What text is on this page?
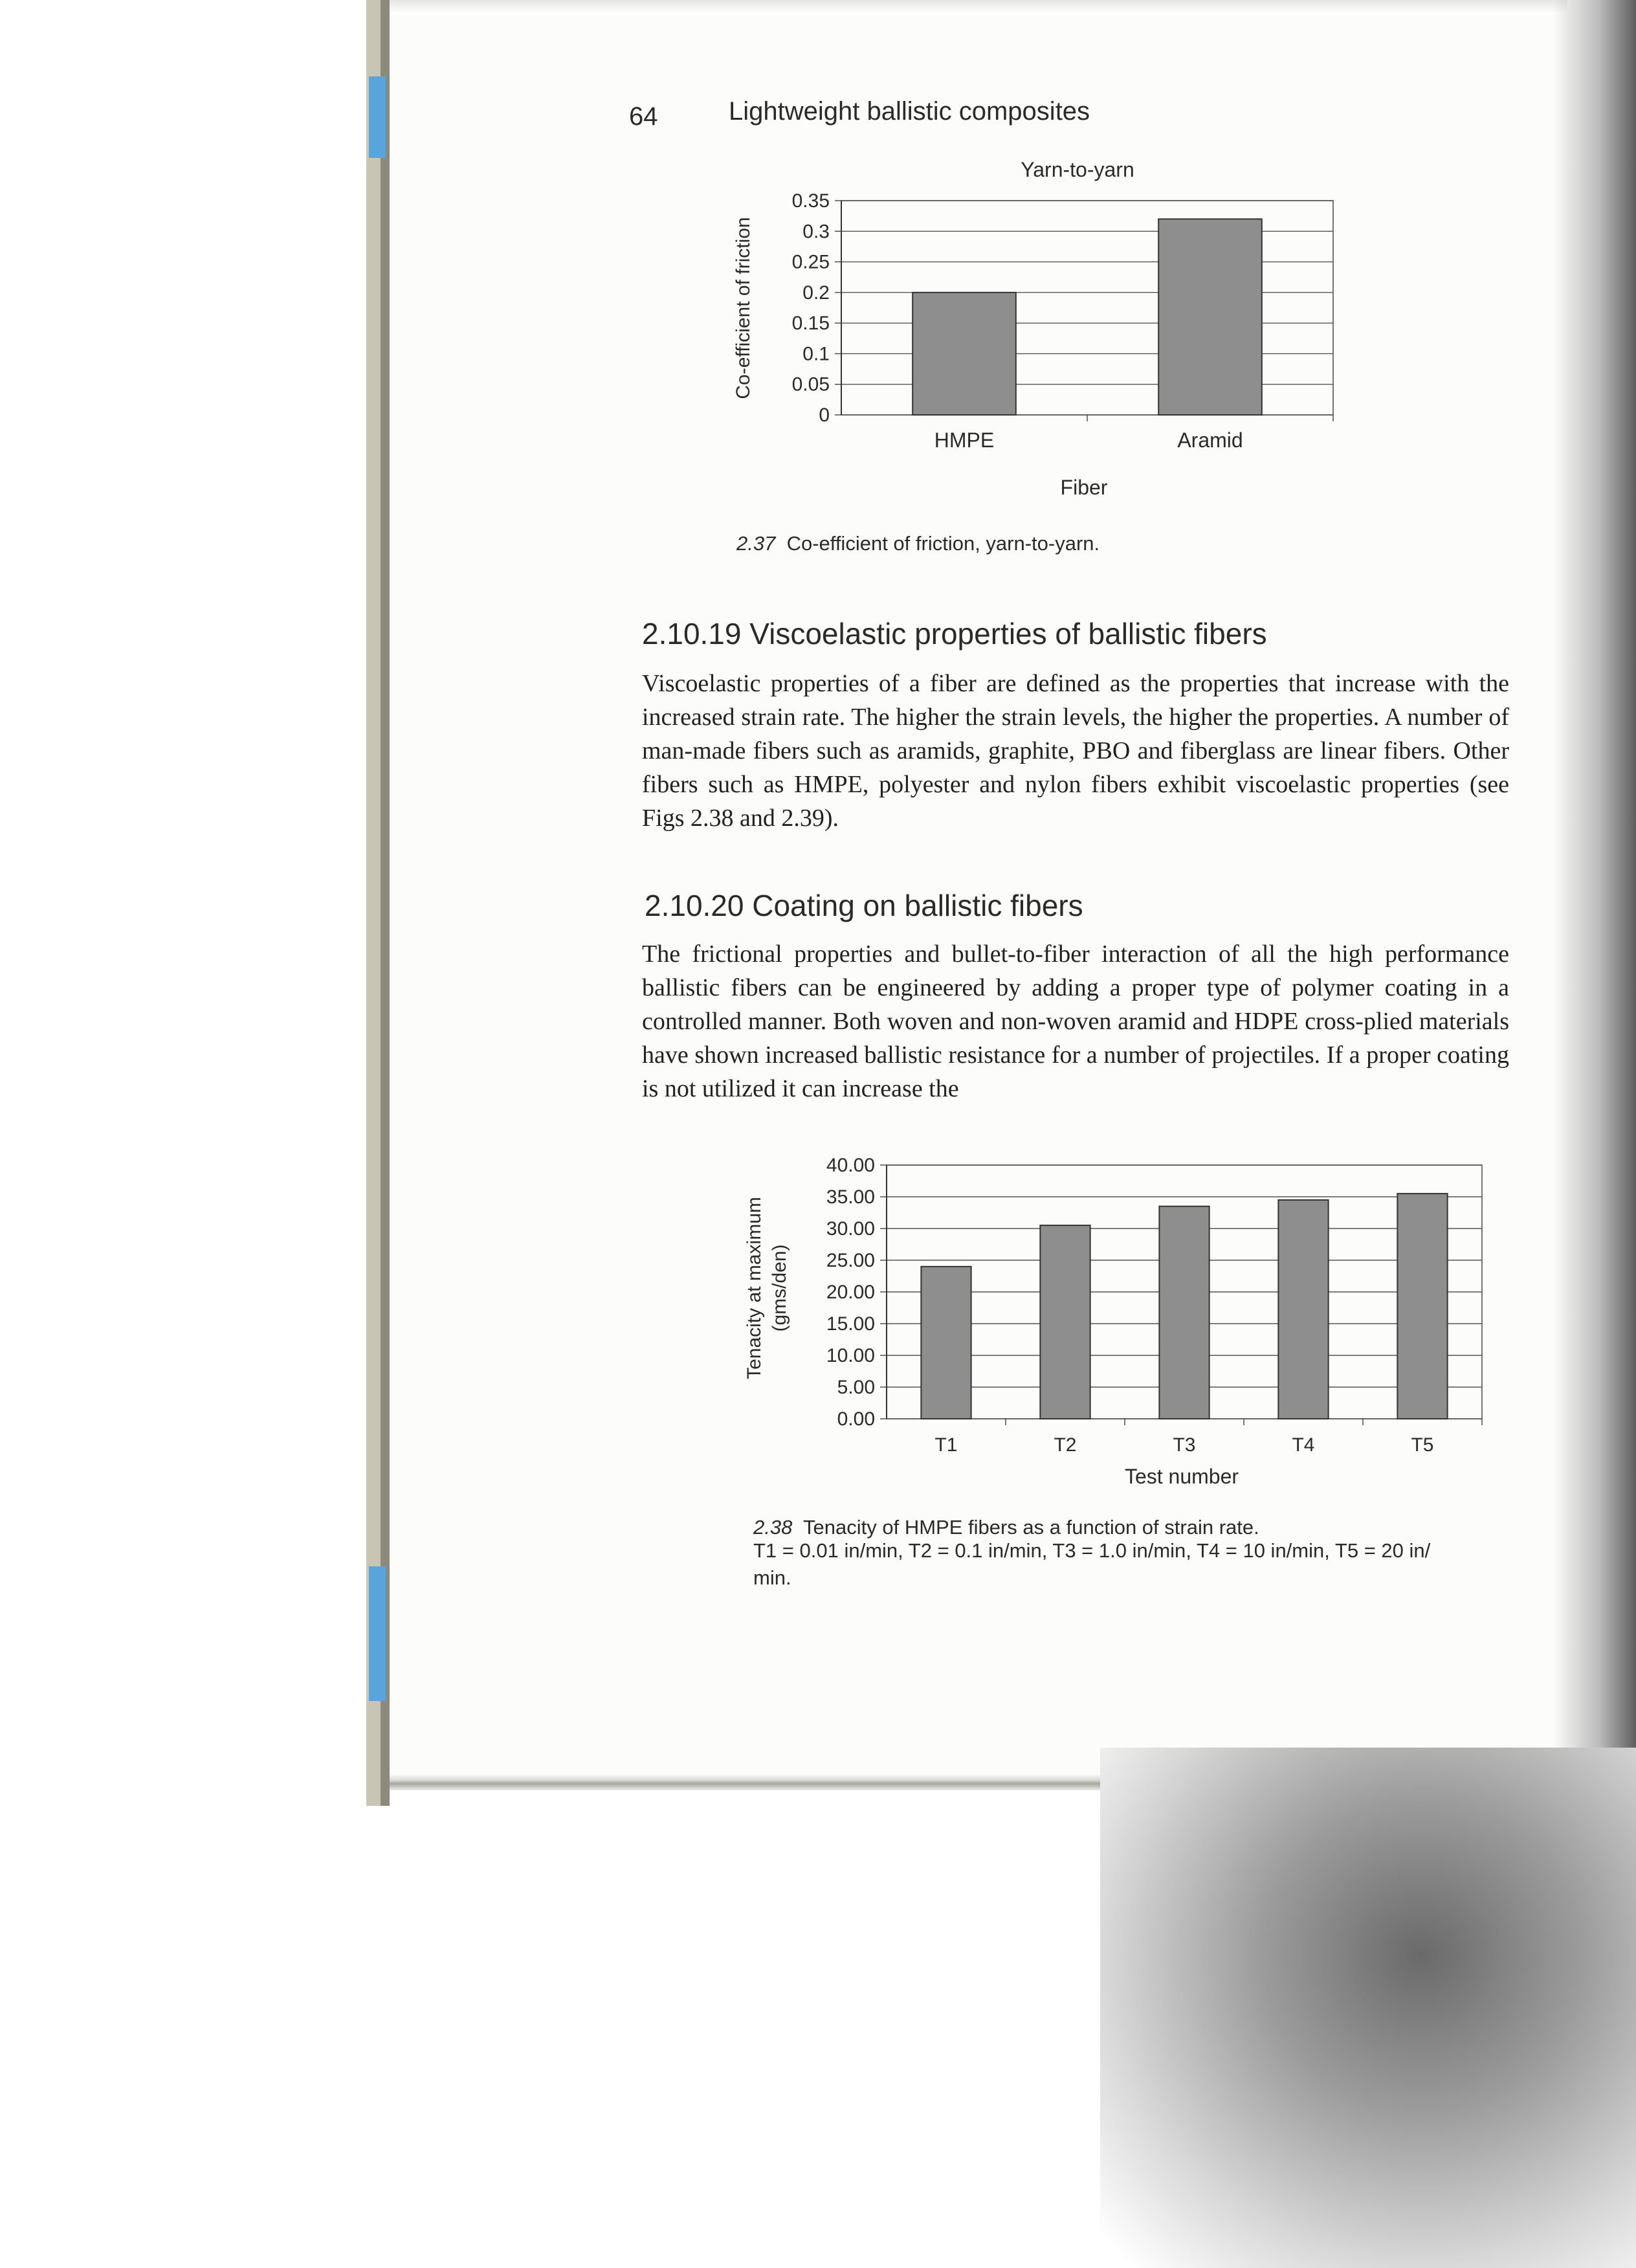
64	Lightweight ballistic composites
Yarn-to-yarn
0
0.05
0.1
0.15
0.2
0.25
0.3
0.35
HMPE	Aramid
Co-efficient of friction
Fiber
2.37 Co-efficient of friction, yarn-to-yarn.
2.10.19 Viscoelastic properties of ballistic fibers
Viscoelastic properties of a fiber are defined as the properties that increase with the increased strain rate. The higher the strain levels, the higher the properties. A number of man-made fibers such as aramids, graphite, PBO and fiberglass are linear fibers. Other fibers such as HMPE, polyester and nylon fibers exhibit viscoelastic properties (see Figs 2.38 and 2.39).
2.10.20 Coating on ballistic fibers
The frictional properties and bullet-to-fiber interaction of all the high performance ballistic fibers can be engineered by adding a proper type of polymer coating in a controlled manner. Both woven and non-woven aramid and HDPE cross-plied materials have shown increased ballistic resistance for a number of projectiles. If a proper coating is not utilized it can increase the
0.00
5.00
10.00
15.00
20.00
25.00
30.00
35.00
40.00
T1	T2	T3	T4	T5
Tenacity at maximum (gms/den)
Test number
2.38 Tenacity of HMPE fibers as a function of strain rate.
T1 = 0.01 in/min, T2 = 0.1 in/min, T3 = 1.0 in/min, T4 = 10 in/min, T5 = 20 in/
min.
